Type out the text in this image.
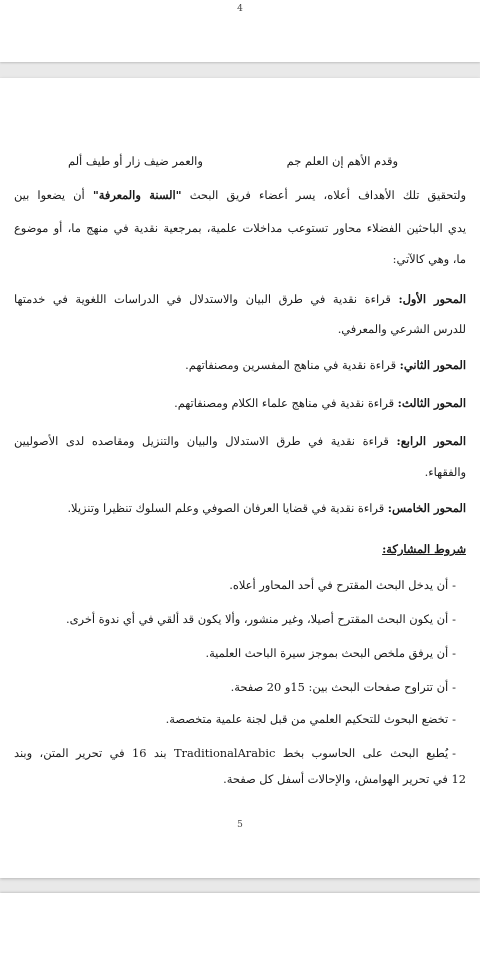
4
وقدم الأهم إن العلم جم
والعمر ضيف زار أو طيف ألم
ولتحقيق تلك الأهداف أعلاه، يسر أعضاء فريق البحث "السنة والمعرفة" أن يضعوا بين
يدي الباحثين الفضلاء محاور تستوعب مداخلات علمية، بمرجعية نقدية في منهج ما، أو موضوع
ما، وهي كالآتي:
المحور الأول: قراءة نقدية في طرق البيان والاستدلال في الدراسات اللغوية في خدمتها
للدرس الشرعي والمعرفي.
المحور الثاني: قراءة نقدية في مناهج المفسرين ومصنفاتهم.
المحور الثالث: قراءة نقدية في مناهج علماء الكلام ومصنفاتهم.
المحور الرابع: قراءة نقدية في طرق الاستدلال والبيان والتنزيل ومقاصده لدى الأصوليين
والفقهاء.
المحور الخامس: قراءة نقدية في قضايا العرفان الصوفي وعلم السلوك تنظيرا وتنزيلا.
شروط المشاركة:
-أن يدخل البحث المقترح في أحد المحاور أعلاه.
-أن يكون البحث المقترح أصيلا، وغير منشور، وألا يكون قد ألقي في أي ندوة أخرى.
-أن يرفق ملخص البحث بموجز سيرة الباحث العلمية.
-أن تتراوح صفحات البحث بين: 15و 20 صفحة.
-تخضع البحوث للتحكيم العلمي من قبل لجنة علمية متخصصة.
-يُطبع البحث على الحاسوب بخط TraditionalArabic بند 16 في تحرير المتن، وبند
12 في تحرير الهوامش، والإحالات أسفل كل صفحة.
5
